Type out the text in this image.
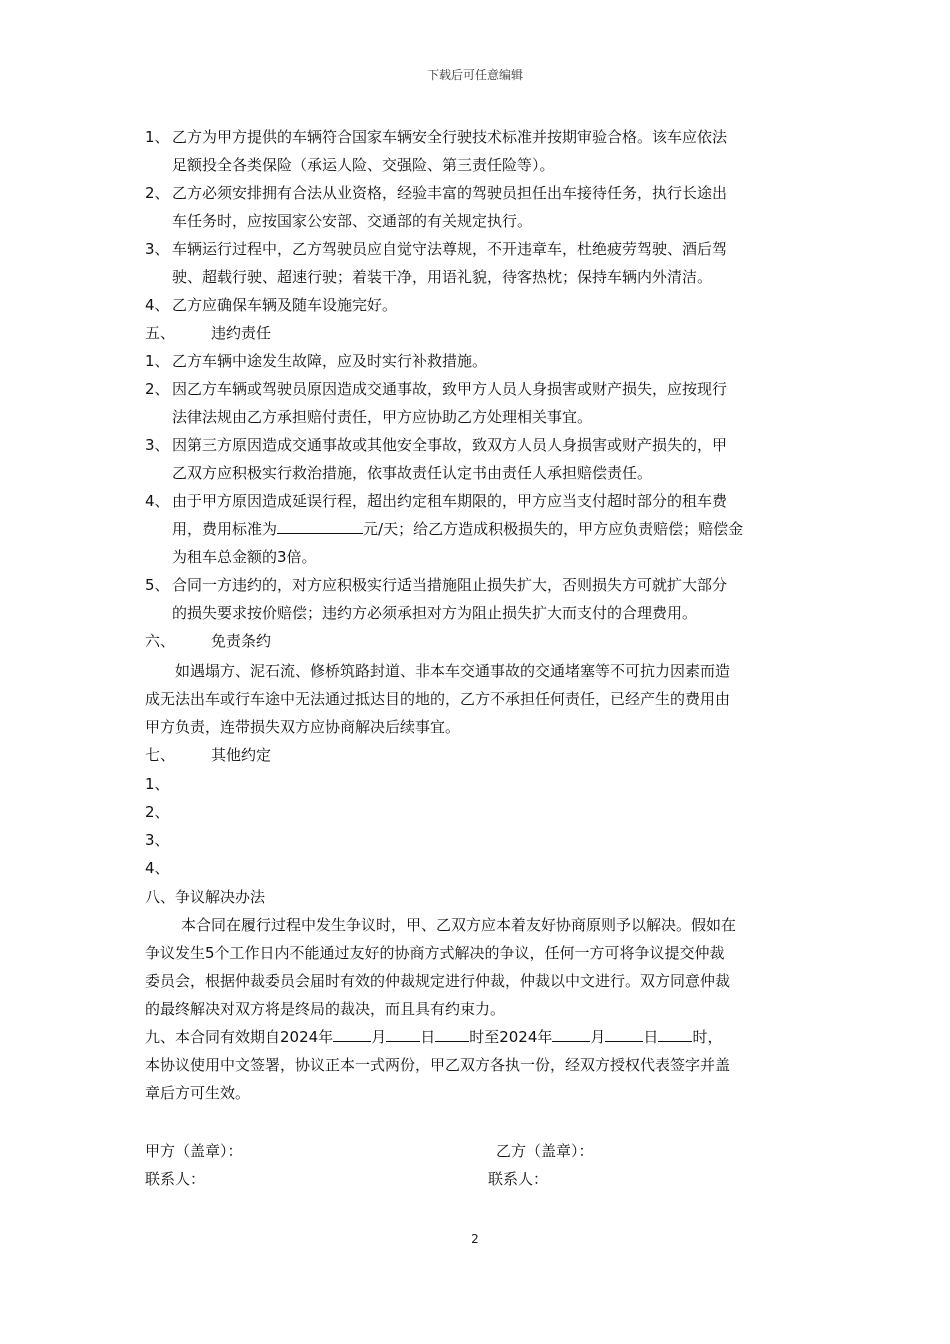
下载后可任意编辑
1、 乙方为甲方提供的车辆符合国家车辆安全行驶技术标准并按期审验合格。该车应依法
足额投全各类保险（承运人险、交强险、第三责任险等）。
2、 乙方必须安排拥有合法从业资格，经验丰富的驾驶员担任出车接待任务，执行长途出
车任务时，应按国家公安部、交通部的有关规定执行。
3、 车辆运行过程中，乙方驾驶员应自觉守法尊规，不开违章车，杜绝疲劳驾驶、酒后驾
驶、超载行驶、超速行驶；着装干净，用语礼貌，待客热枕；保持车辆内外清洁。
4、 乙方应确保车辆及随车设施完好。
五、 违约责任
1、 乙方车辆中途发生故障，应及时实行补救措施。
2、 因乙方车辆或驾驶员原因造成交通事故，致甲方人员人身损害或财产损失，应按现行
法律法规由乙方承担赔付责任，甲方应协助乙方处理相关事宜。
3、 因第三方原因造成交通事故或其他安全事故，致双方人员人身损害或财产损失的，甲
乙双方应积极实行救治措施，依事故责任认定书由责任人承担赔偿责任。
4、 由于甲方原因造成延误行程，超出约定租车期限的，甲方应当支付超时部分的租车费
用，费用标准为	元/天；给乙方造成积极损失的，甲方应负责赔偿；赔偿金
为租车总金额的3倍。
5、 合同一方违约的，对方应积极实行适当措施阻止损失扩大，否则损失方可就扩大部分
的损失要求按价赔偿；违约方必须承担对方为阻止损失扩大而支付的合理费用。
六、 免责条约
如遇塌方、泥石流、修桥筑路封道、非本车交通事故的交通堵塞等不可抗力因素而造
成无法出车或行车途中无法通过抵达目的地的，乙方不承担任何责任，已经产生的费用由
甲方负责，连带损失双方应协商解决后续事宜。
七、 其他约定
1、
2、
3、
4、
八、争议解决办法
本合同在履行过程中发生争议时，甲、乙双方应本着友好协商原则予以解决。假如在
争议发生5个工作日内不能通过友好的协商方式解决的争议，任何一方可将争议提交仲裁
委员会，根据仲裁委员会届时有效的仲裁规定进行仲裁，仲裁以中文进行。双方同意仲裁
的最终解决对双方将是终局的裁决，而且具有约束力。
九、本合同有效期自2024年	月 日 时至2024年	月	日 时，
本协议使用中文签署，协议正本一式两份，甲乙双方各执一份，经双方授权代表签字并盖
章后方可生效。
甲方（盖章）：	乙方（盖章）：
联系人：	联系人：
2
